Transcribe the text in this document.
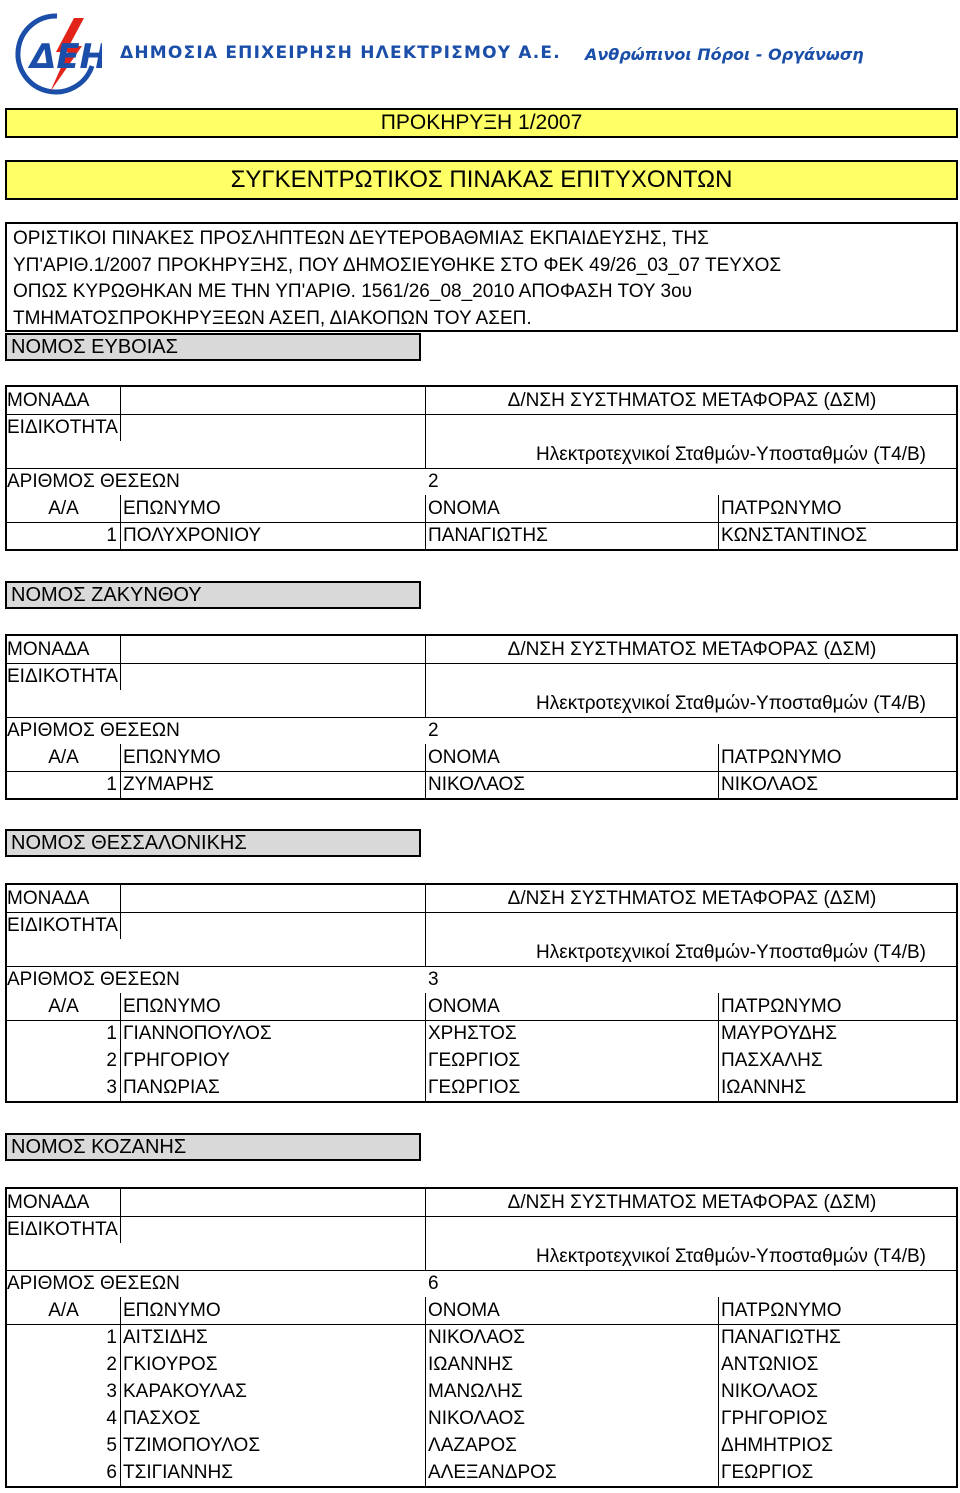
ΔΕΗ ΔΗΜΟΣΙΑ ΕΠΙΧΕΙΡΗΣΗ ΗΛΕΚΤΡΙΣΜΟΥ Α.Ε. Ανθρώπινοι Πόροι - Οργάνωση
ΠΡΟΚΗΡΥΞΗ 1/2007
ΣΥΓΚΕΝΤΡΩΤΙΚΟΣ ΠΙΝΑΚΑΣ ΕΠΙΤΥΧΟΝΤΩΝ
ΟΡΙΣΤΙΚΟΙ ΠΙΝΑΚΕΣ ΠΡΟΣΛΗΠΤΕΩΝ ΔΕΥΤΕΡΟΒΑΘΜΙΑΣ ΕΚΠΑΙΔΕΥΣΗΣ, ΤΗΣ
ΥΠ'ΑΡΙΘ.1/2007 ΠΡΟΚΗΡΥΞΗΣ, ΠΟΥ ΔΗΜΟΣΙΕΥΘΗΚΕ ΣΤΟ ΦΕΚ 49/26_03_07 ΤΕΥΧΟΣ
ΟΠΩΣ ΚΥΡΩΘΗΚΑΝ ΜΕ ΤΗΝ ΥΠ'ΑΡΙΘ. 1561/26_08_2010 ΑΠΟΦΑΣΗ ΤΟΥ 3ου
ΤΜΗΜΑΤΟΣΠΡΟΚΗΡΥΞΕΩΝ ΑΣΕΠ, ΔΙΑΚΟΠΩΝ ΤΟΥ ΑΣΕΠ.
ΝΟΜΟΣ ΕΥΒΟΙΑΣ
ΜΟΝΑΔΑ	Δ/ΝΣΗ ΣΥΣΤΗΜΑΤΟΣ ΜΕΤΑΦΟΡΑΣ (ΔΣΜ)
ΕΙΔΙΚΟΤΗΤΑ
Ηλεκτροτεχνικοί Σταθμών-Υποσταθμών (Τ4/Β)
ΑΡΙΘΜΟΣ ΘΕΣΕΩΝ	2
Α/Α	ΕΠΩΝΥΜΟ	ΟΝΟΜΑ	ΠΑΤΡΩΝΥΜΟ
1 ΠΟΛΥΧΡΟΝΙΟΥ	ΠΑΝΑΓΙΩΤΗΣ	ΚΩΝΣΤΑΝΤΙΝΟΣ
ΝΟΜΟΣ ΖΑΚΥΝΘΟΥ
ΜΟΝΑΔΑ	Δ/ΝΣΗ ΣΥΣΤΗΜΑΤΟΣ ΜΕΤΑΦΟΡΑΣ (ΔΣΜ)
ΕΙΔΙΚΟΤΗΤΑ
Ηλεκτροτεχνικοί Σταθμών-Υποσταθμών (Τ4/Β)
ΑΡΙΘΜΟΣ ΘΕΣΕΩΝ	2
Α/Α	ΕΠΩΝΥΜΟ	ΟΝΟΜΑ	ΠΑΤΡΩΝΥΜΟ
1 ΖΥΜΑΡΗΣ	ΝΙΚΟΛΑΟΣ	ΝΙΚΟΛΑΟΣ
ΝΟΜΟΣ ΘΕΣΣΑΛΟΝΙΚΗΣ
ΜΟΝΑΔΑ	Δ/ΝΣΗ ΣΥΣΤΗΜΑΤΟΣ ΜΕΤΑΦΟΡΑΣ (ΔΣΜ)
ΕΙΔΙΚΟΤΗΤΑ
Ηλεκτροτεχνικοί Σταθμών-Υποσταθμών (Τ4/Β)
ΑΡΙΘΜΟΣ ΘΕΣΕΩΝ	3
Α/Α	ΕΠΩΝΥΜΟ	ΟΝΟΜΑ	ΠΑΤΡΩΝΥΜΟ
1 ΓΙΑΝΝΟΠΟΥΛΟΣ	ΧΡΗΣΤΟΣ	ΜΑΥΡΟΥΔΗΣ
2 ΓΡΗΓΟΡΙΟΥ	ΓΕΩΡΓΙΟΣ	ΠΑΣΧΑΛΗΣ
3 ΠΑΝΩΡΙΑΣ	ΓΕΩΡΓΙΟΣ	ΙΩΑΝΝΗΣ
ΝΟΜΟΣ ΚΟΖΑΝΗΣ
ΜΟΝΑΔΑ	Δ/ΝΣΗ ΣΥΣΤΗΜΑΤΟΣ ΜΕΤΑΦΟΡΑΣ (ΔΣΜ)
ΕΙΔΙΚΟΤΗΤΑ
Ηλεκτροτεχνικοί Σταθμών-Υποσταθμών (Τ4/Β)
ΑΡΙΘΜΟΣ ΘΕΣΕΩΝ	6
Α/Α	ΕΠΩΝΥΜΟ	ΟΝΟΜΑ	ΠΑΤΡΩΝΥΜΟ
1 ΑΙΤΣΙΔΗΣ	ΝΙΚΟΛΑΟΣ	ΠΑΝΑΓΙΩΤΗΣ
2 ΓΚΙΟΥΡΟΣ	ΙΩΑΝΝΗΣ	ΑΝΤΩΝΙΟΣ
3 ΚΑΡΑΚΟΥΛΑΣ	ΜΑΝΩΛΗΣ	ΝΙΚΟΛΑΟΣ
4 ΠΑΣΧΟΣ	ΝΙΚΟΛΑΟΣ	ΓΡΗΓΟΡΙΟΣ
5 ΤΖΙΜΟΠΟΥΛΟΣ	ΛΑΖΑΡΟΣ	ΔΗΜΗΤΡΙΟΣ
6 ΤΣΙΓΙΑΝΝΗΣ	ΑΛΕΞΑΝΔΡΟΣ	ΓΕΩΡΓΙΟΣ
